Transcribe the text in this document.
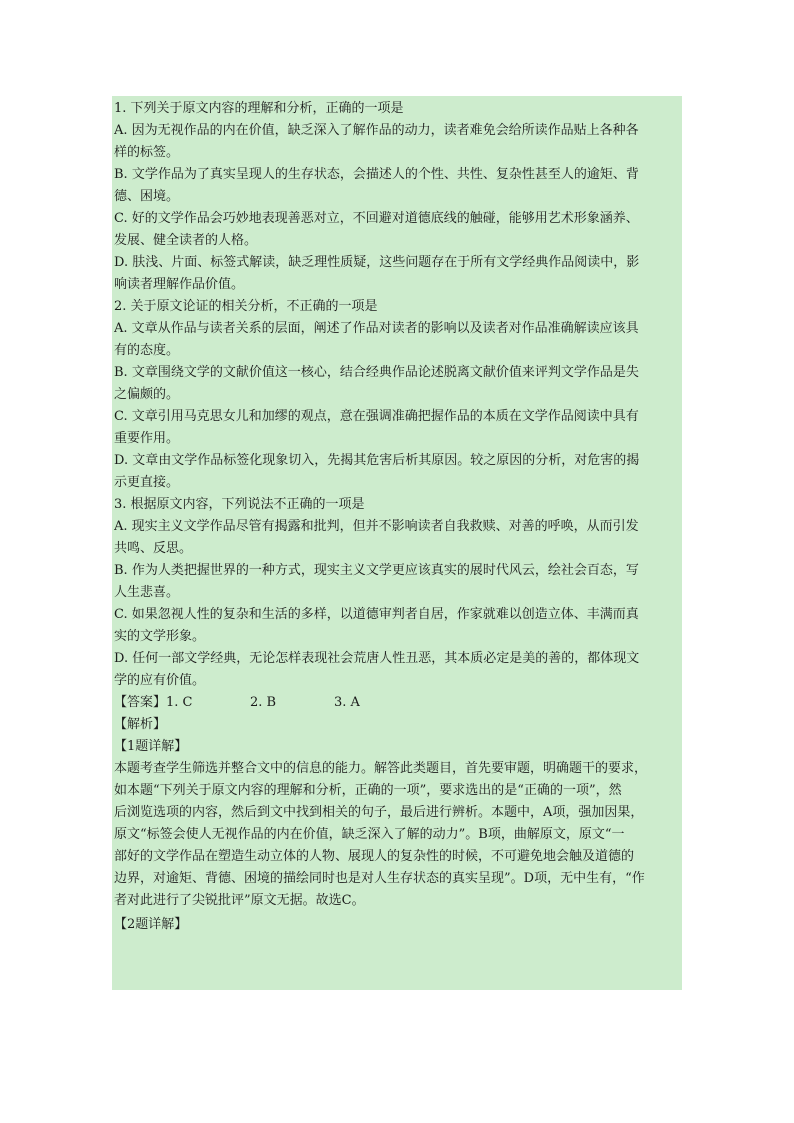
1. 下列关于原文内容的理解和分析，正确的一项是
A. 因为无视作品的内在价值，缺乏深入了解作品的动力，读者难免会给所读作品贴上各种各
样的标签。
B. 文学作品为了真实呈现人的生存状态，会描述人的个性、共性、复杂性甚至人的逾矩、背
德、困境。
C. 好的文学作品会巧妙地表现善恶对立，不回避对道德底线的触碰，能够用艺术形象涵养、
发展、健全读者的人格。
D. 肤浅、片面、标签式解读，缺乏理性质疑，这些问题存在于所有文学经典作品阅读中，影
响读者理解作品价值。
2. 关于原文论证的相关分析，不正确的一项是
A. 文章从作品与读者关系的层面，阐述了作品对读者的影响以及读者对作品准确解读应该具
有的态度。
B. 文章围绕文学的文献价值这一核心，结合经典作品论述脱离文献价值来评判文学作品是失
之偏颇的。
C. 文章引用马克思女儿和加缪的观点，意在强调准确把握作品的本质在文学作品阅读中具有
重要作用。
D. 文章由文学作品标签化现象切入，先揭其危害后析其原因。较之原因的分析，对危害的揭
示更直接。
3. 根据原文内容，下列说法不正确的一项是
A. 现实主义文学作品尽管有揭露和批判，但并不影响读者自我救赎、对善的呼唤，从而引发
共鸣、反思。
B. 作为人类把握世界的一种方式，现实主义文学更应该真实的展时代风云，绘社会百态，写
人生悲喜。
C. 如果忽视人性的复杂和生活的多样，以道德审判者自居，作家就难以创造立体、丰满而真
实的文学形象。
D. 任何一部文学经典，无论怎样表现社会荒唐人性丑恶，其本质必定是美的善的，都体现文
学的应有价值。
【答案】1. C	2. B	3. A
【解析】
【1题详解】
本题考查学生筛选并整合文中的信息的能力。解答此类题目，首先要审题，明确题干的要求，
如本题“下列关于原文内容的理解和分析，正确的一项”，要求选出的是“正确的一项”，然
后浏览选项的内容，然后到文中找到相关的句子，最后进行辨析。本题中，A项，强加因果，
原文“标签会使人无视作品的内在价值，缺乏深入了解的动力”。B项，曲解原文，原文“一
部好的文学作品在塑造生动立体的人物、展现人的复杂性的时候，不可避免地会触及道德的
边界，对逾矩、背德、困境的描绘同时也是对人生存状态的真实呈现”。D项，无中生有，“作
者对此进行了尖锐批评”原文无据。故选C。
【2题详解】
